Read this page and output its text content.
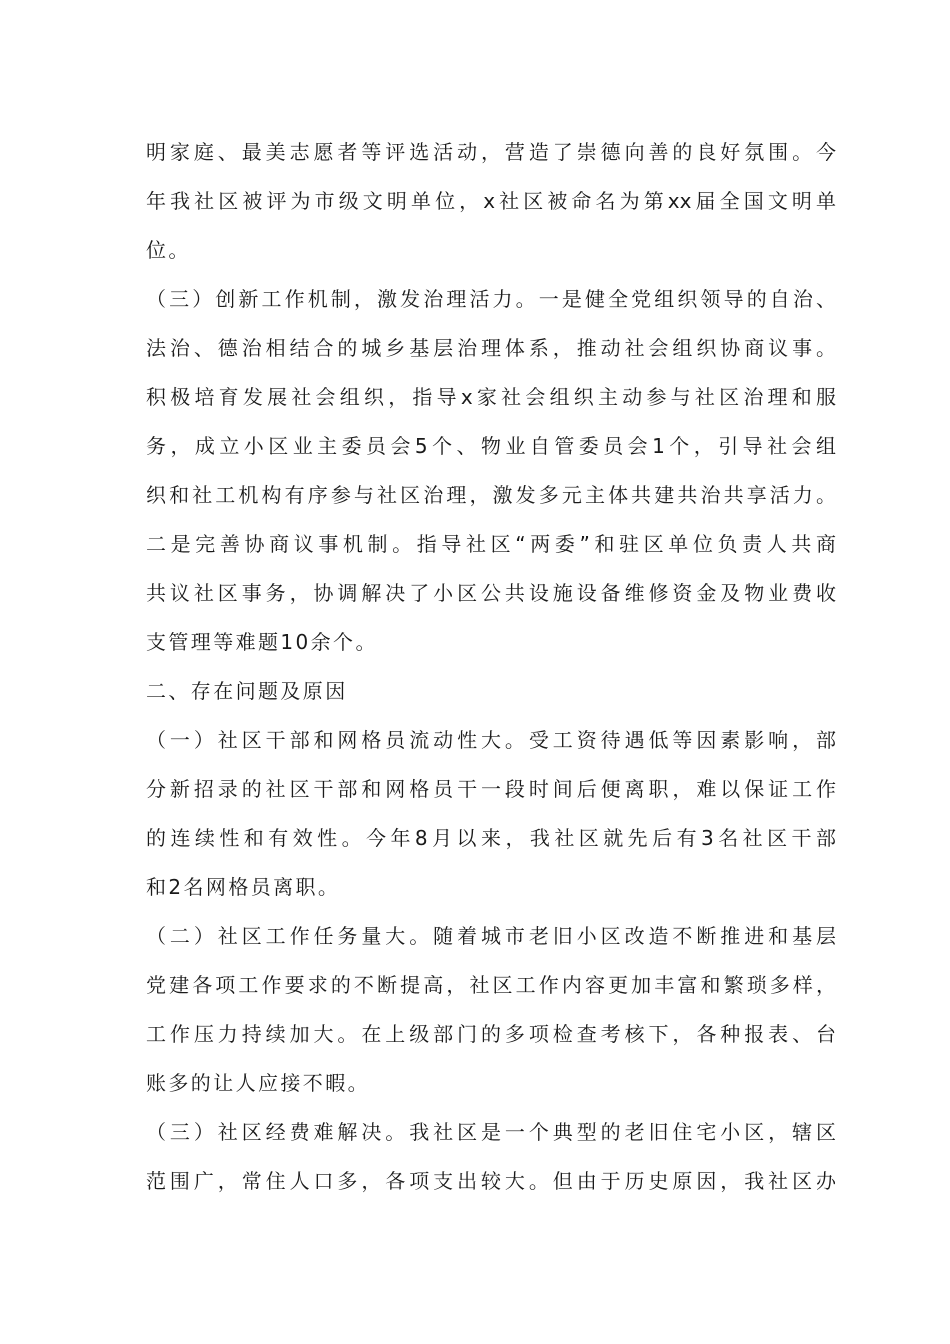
明家庭、最美志愿者等评选活动，营造了崇德向善的良好氛围。今
年我社区被评为市级文明单位，x社区被命名为第xx届全国文明单
位。
（三）创新工作机制，激发治理活力。一是健全党组织领导的自治、
法治、德治相结合的城乡基层治理体系，推动社会组织协商议事。
积极培育发展社会组织，指导x家社会组织主动参与社区治理和服
务，成立小区业主委员会5个、物业自管委员会1个，引导社会组
织和社工机构有序参与社区治理，激发多元主体共建共治共享活力。
二是完善协商议事机制。指导社区“两委”和驻区单位负责人共商
共议社区事务，协调解决了小区公共设施设备维修资金及物业费收
支管理等难题10余个。
二、存在问题及原因
（一）社区干部和网格员流动性大。受工资待遇低等因素影响，部
分新招录的社区干部和网格员干一段时间后便离职，难以保证工作
的连续性和有效性。今年8月以来，我社区就先后有3名社区干部
和2名网格员离职。
（二）社区工作任务量大。随着城市老旧小区改造不断推进和基层
党建各项工作要求的不断提高，社区工作内容更加丰富和繁琐多样，
工作压力持续加大。在上级部门的多项检查考核下，各种报表、台
账多的让人应接不暇。
（三）社区经费难解决。我社区是一个典型的老旧住宅小区，辖区
范围广，常住人口多，各项支出较大。但由于历史原因，我社区办
